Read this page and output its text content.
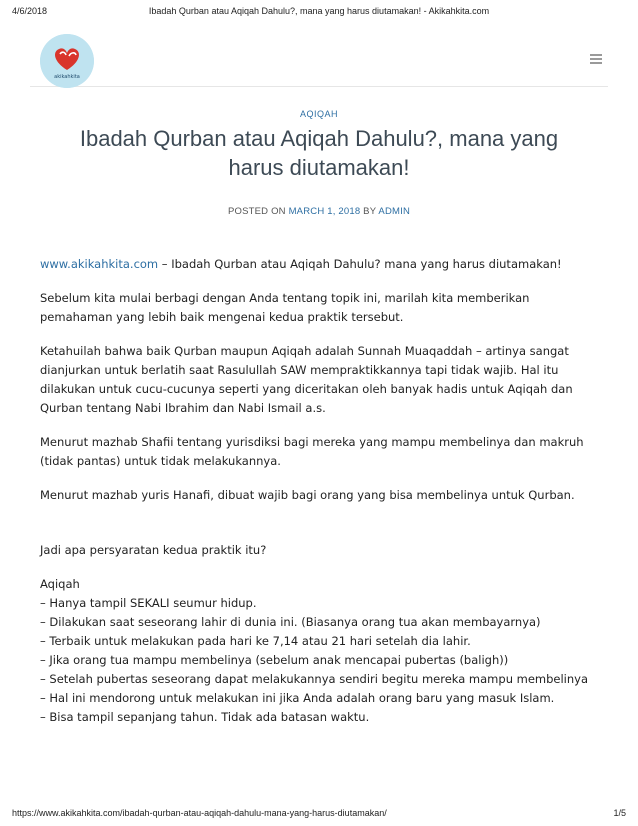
4/6/2018	Ibadah Qurban atau Aqiqah Dahulu?, mana yang harus diutamakan! - Akikahkita.com
akikahkita
AQIQAH
Ibadah Qurban atau Aqiqah Dahulu?, mana yang harus diutamakan!
POSTED ON MARCH 1, 2018 BY ADMIN

www.akikahkita.com – Ibadah Qurban atau Aqiqah Dahulu? mana yang harus diutamakan!

Sebelum kita mulai berbagi dengan Anda tentang topik ini, marilah kita memberikan pemahaman yang lebih baik mengenai kedua praktik tersebut.

Ketahuilah bahwa baik Qurban maupun Aqiqah adalah Sunnah Muaqaddah – artinya sangat dianjurkan untuk berlatih saat Rasulullah SAW mempraktikkannya tapi tidak wajib. Hal itu dilakukan untuk cucu-cucunya seperti yang diceritakan oleh banyak hadis untuk Aqiqah dan Qurban tentang Nabi Ibrahim dan Nabi Ismail a.s.

Menurut mazhab Shafii tentang yurisdiksi bagi mereka yang mampu membelinya dan makruh (tidak pantas) untuk tidak melakukannya.

Menurut mazhab yuris Hanafi, dibuat wajib bagi orang yang bisa membelinya untuk Qurban.

Jadi apa persyaratan kedua praktik itu?

Aqiqah
– Hanya tampil SEKALI seumur hidup.
– Dilakukan saat seseorang lahir di dunia ini. (Biasanya orang tua akan membayarnya)
– Terbaik untuk melakukan pada hari ke 7,14 atau 21 hari setelah dia lahir.
– Jika orang tua mampu membelinya (sebelum anak mencapai pubertas (baligh))
– Setelah pubertas seseorang dapat melakukannya sendiri begitu mereka mampu membelinya
– Hal ini mendorong untuk melakukan ini jika Anda adalah orang baru yang masuk Islam.
– Bisa tampil sepanjang tahun. Tidak ada batasan waktu.
https://www.akikahkita.com/ibadah-qurban-atau-aqiqah-dahulu-mana-yang-harus-diutamakan/	1/5
